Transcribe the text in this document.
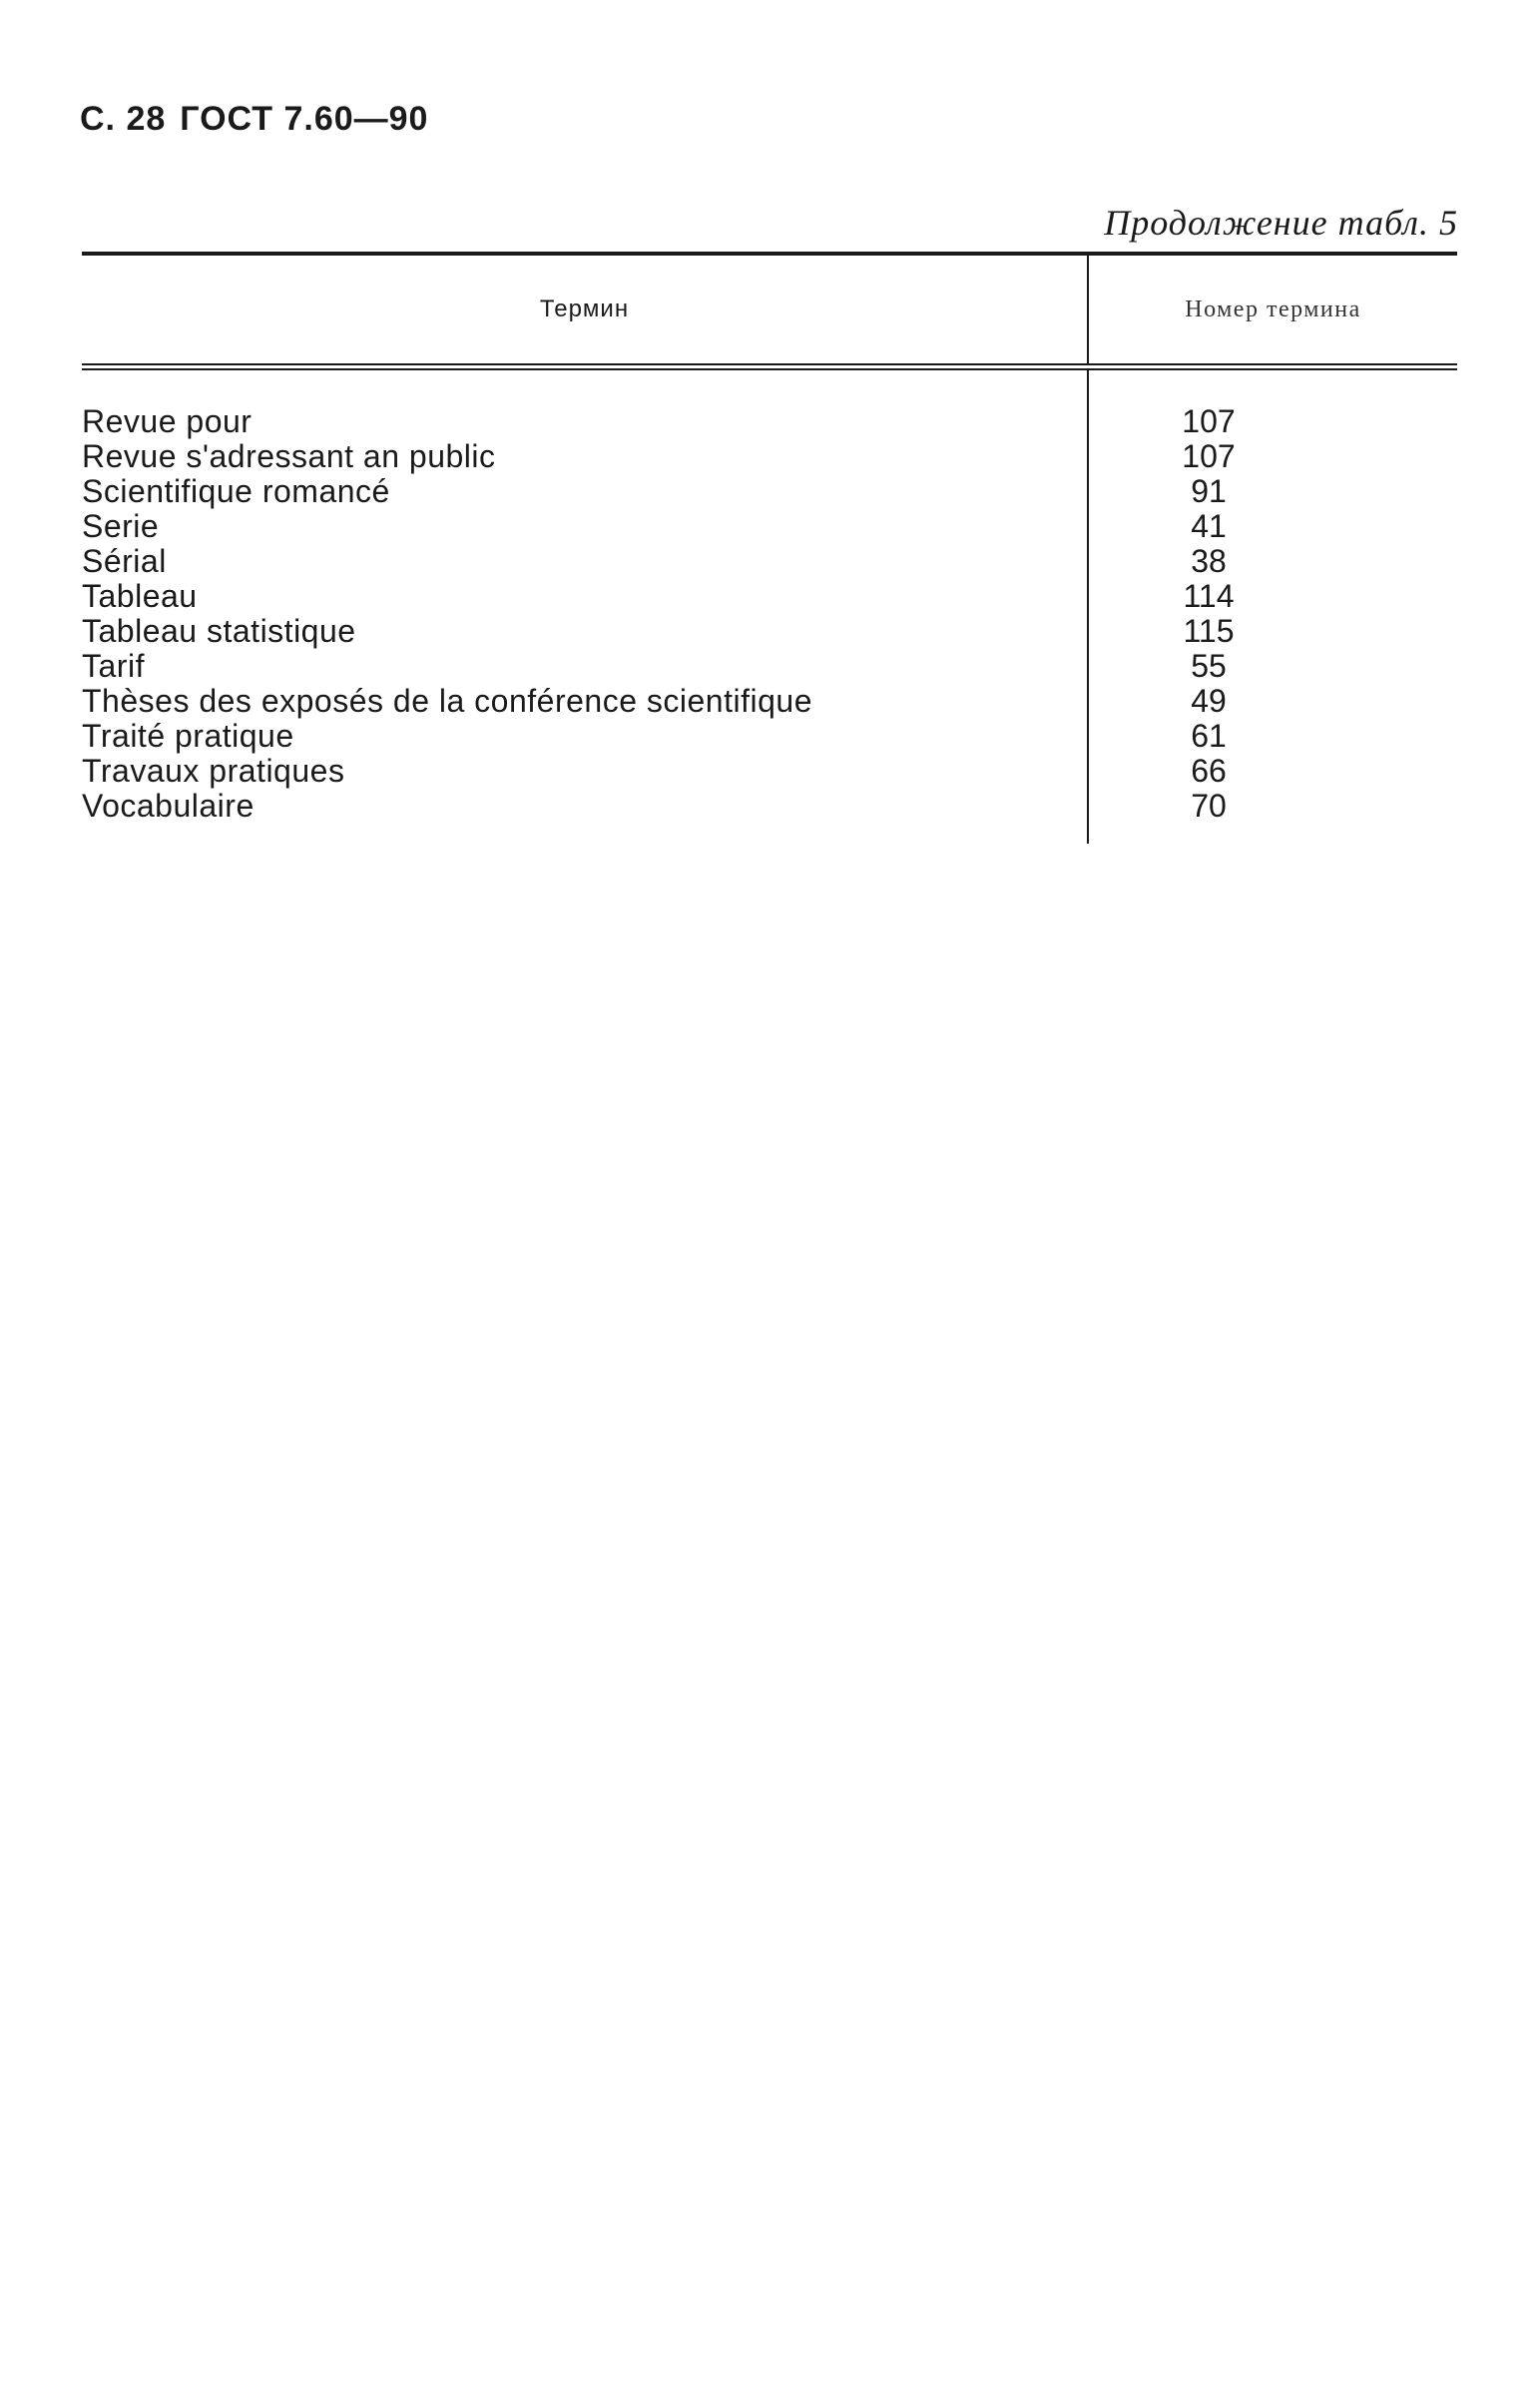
С. 28 ГОСТ 7.60—90
Продолжение табл. 5
Термин	Номер термина
Revue pour
Revue s'adressant an public
Scientifique romancé
Serie
Sérial
Tableau
Tableau statistique
Tarif
Thèses des exposés de la conférence scientifique
Traité pratique
Travaux pratiques
Vocabulaire
107
107
91
41
38
114
115
55
49
61
66
70
